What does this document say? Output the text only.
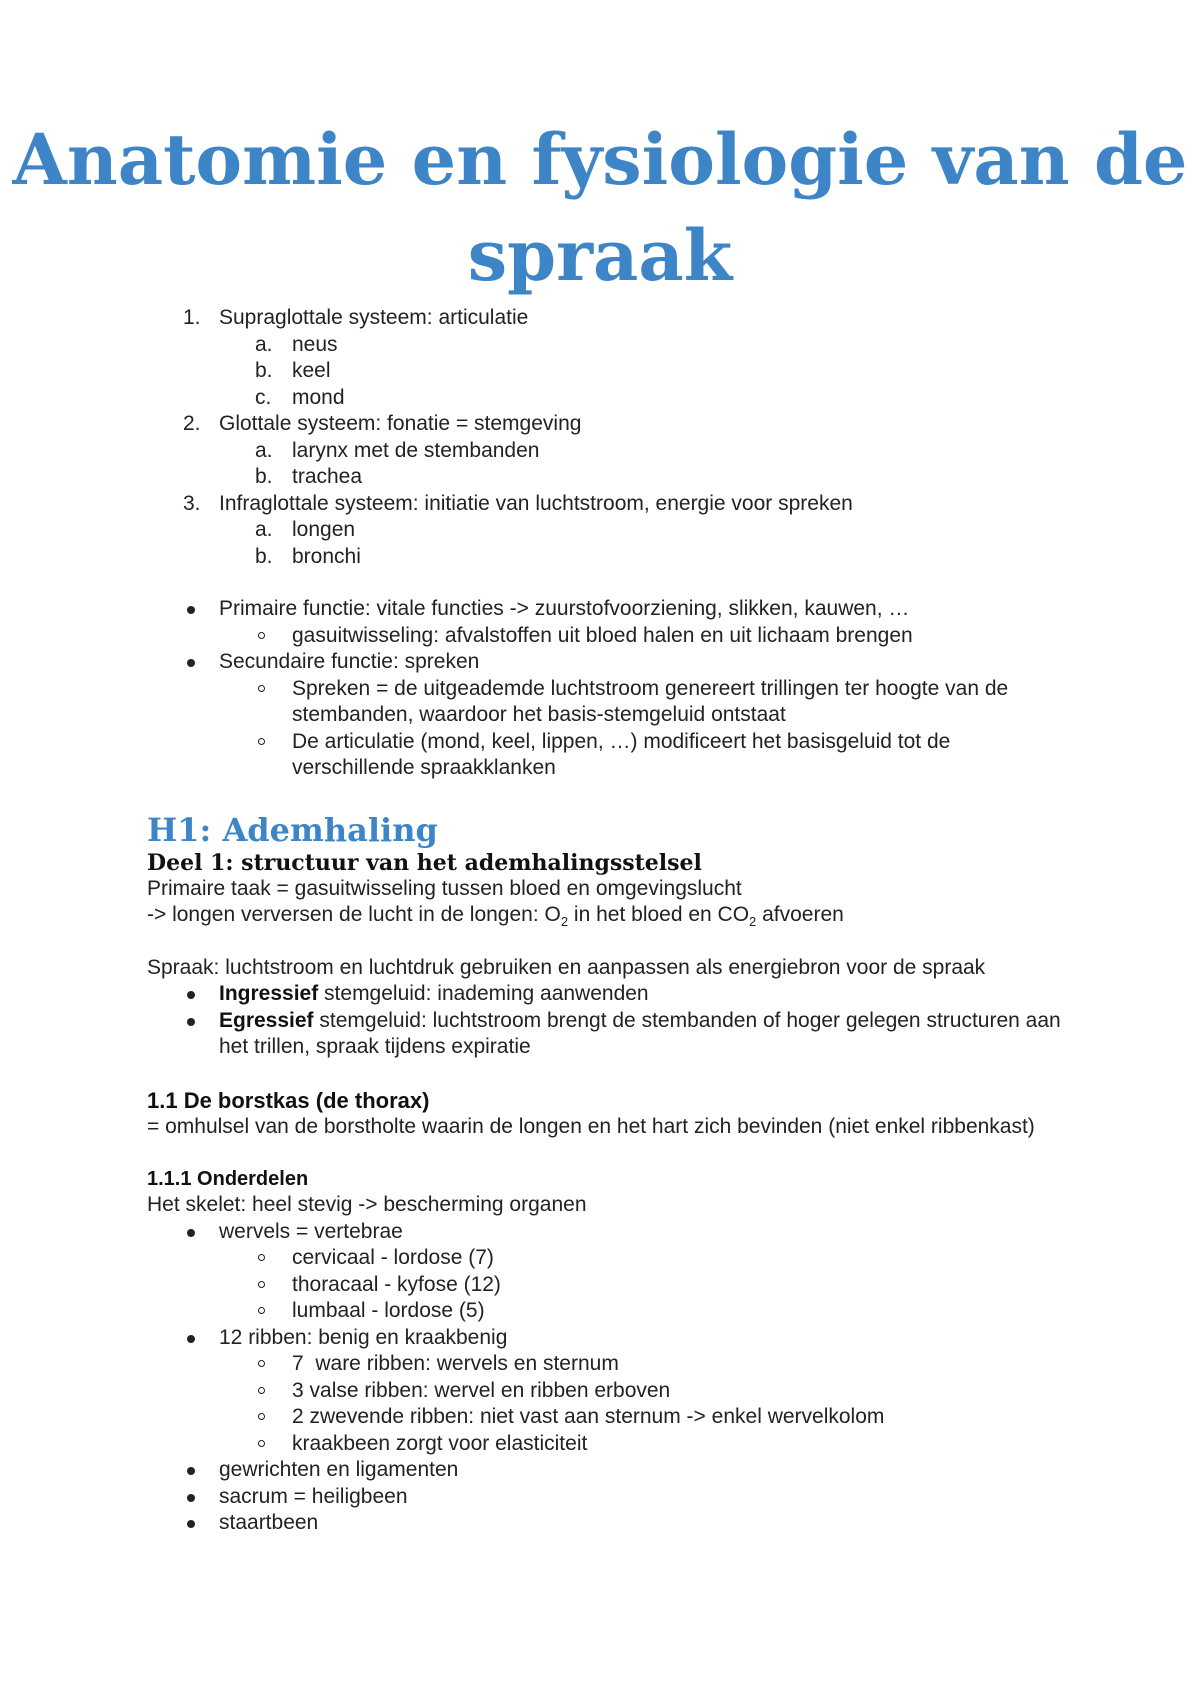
Anatomie en fysiologie van de spraak
1. Supraglottale systeem: articulatie
a. neus
b. keel
c. mond
2. Glottale systeem: fonatie = stemgeving
a. larynx met de stembanden
b. trachea
3. Infraglottale systeem: initiatie van luchtstroom, energie voor spreken
a. longen
b. bronchi
Primaire functie: vitale functies -> zuurstofvoorziening, slikken, kauwen, …
gasuitwisseling: afvalstoffen uit bloed halen en uit lichaam brengen
Secundaire functie: spreken
Spreken = de uitgeademde luchtstroom genereert trillingen ter hoogte van de stembanden, waardoor het basis-stemgeluid ontstaat
De articulatie (mond, keel, lippen, …) modificeert het basisgeluid tot de verschillende spraakklanken
H1: Ademhaling
Deel 1: structuur van het ademhalingsstelsel

Primaire taak = gasuitwisseling tussen bloed en omgevingslucht

-> longen verversen de lucht in de longen: $O_2$ in het bloed en $CO_2$ afvoeren

Spraak: luchtstroom en luchtdruk gebruiken en aanpassen als energiebron voor de spraak

Ingressief stemgeluid: inademing aanwenden
Egressief stemgeluid: luchtstroom brengt de stembanden of hoger gelegen structuren aan het trillen, spraak tijdens expiratie
1.1 De borstkas (de thorax)

= omhulsel van de borstholte waarin de longen en het hart zich bevinden (niet enkel ribbenkast)

1.1.1 Onderdelen

Het skelet: heel stevig -> bescherming organen

wervels = vertebrae
cervicaal - lordose (7)
thoracaal - kyfose (12)
lumbaal - lordose (5)
12 ribben: benig en kraakbenig
7  ware ribben: wervels en sternum
3 valse ribben: wervel en ribben erboven
2 zwevende ribben: niet vast aan sternum -> enkel wervelkolom
kraakbeen zorgt voor elasticiteit
gewrichten en ligamenten
sacrum = heiligbeen
staartbeen
